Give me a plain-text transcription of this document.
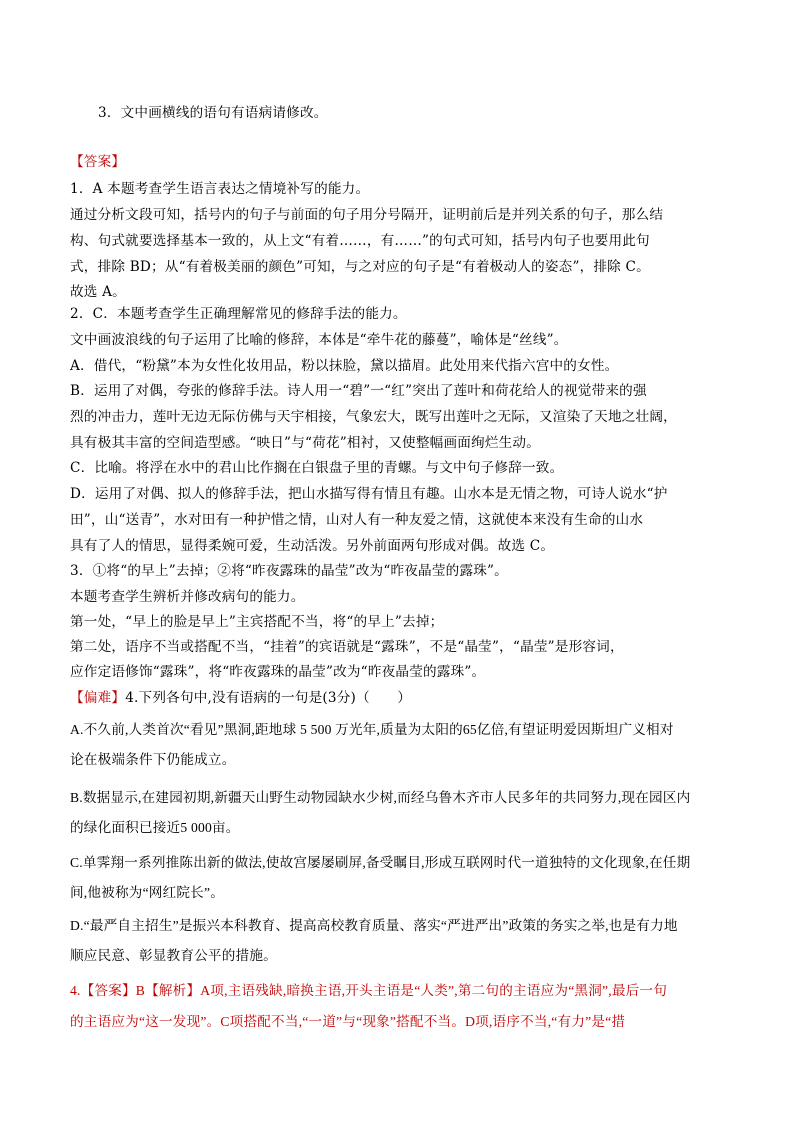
3．文中画横线的语句有语病请修改。
【答案】
1．A 本题考查学生语言表达之情境补写的能力。
通过分析文段可知，括号内的句子与前面的句子用分号隔开，证明前后是并列关系的句子，那么结
构、句式就要选择基本一致的，从上文“有着……，有……”的句式可知，括号内句子也要用此句
式，排除 BD；从“有着极美丽的颜色”可知，与之对应的句子是“有着极动人的姿态”，排除 C。
故选 A。
2．C．本题考查学生正确理解常见的修辞手法的能力。
文中画波浪线的句子运用了比喻的修辞，本体是“牵牛花的藤蔓”，喻体是“丝线”。
A．借代，“粉黛”本为女性化妆用品，粉以抹脸，黛以描眉。此处用来代指六宫中的女性。
B．运用了对偶，夸张的修辞手法。诗人用一“碧”一“红”突出了莲叶和荷花给人的视觉带来的强
烈的冲击力，莲叶无边无际仿佛与天宇相接，气象宏大，既写出莲叶之无际，又渲染了天地之壮阔，
具有极其丰富的空间造型感。“映日”与“荷花”相衬，又使整幅画面绚烂生动。
C．比喻。将浮在水中的君山比作搁在白银盘子里的青螺。与文中句子修辞一致。
D．运用了对偶、拟人的修辞手法，把山水描写得有情且有趣。山水本是无情之物，可诗人说水“护
田”，山“送青”，水对田有一种护惜之情，山对人有一种友爱之情，这就使本来没有生命的山水
具有了人的情思，显得柔婉可爱，生动活泼。另外前面两句形成对偶。故选 C。
3．①将“的早上”去掉；②将“昨夜露珠的晶莹”改为“昨夜晶莹的露珠”。
本题考查学生辨析并修改病句的能力。
第一处，“早上的脸是早上”主宾搭配不当，将“的早上”去掉；
第二处，语序不当或搭配不当，“挂着”的宾语就是“露珠”，不是“晶莹”，“晶莹”是形容词，
应作定语修饰“露珠”，将“昨夜露珠的晶莹”改为“昨夜晶莹的露珠”。
【偏难】4.下列各句中,没有语病的一句是(3分)（　　）
A.不久前,人类首次“看见”黑洞,距地球 5 500 万光年,质量为太阳的65亿倍,有望证明爱因斯坦广义相对
论在极端条件下仍能成立。
B.数据显示,在建园初期,新疆天山野生动物园缺水少树,而经乌鲁木齐市人民多年的共同努力,现在园区内
的绿化面积已接近5 000亩。
C.单霁翔一系列推陈出新的做法,使故宫屡屡刷屏,备受瞩目,形成互联网时代一道独特的文化现象,在任期
间,他被称为“网红院长”。
D.“最严自主招生”是振兴本科教育、提高高校教育质量、落实“严进严出”政策的务实之举,也是有力地
顺应民意、彰显教育公平的措施。
4.【答案】B【解析】A项,主语残缺,暗换主语,开头主语是“人类”,第二句的主语应为“黑洞”,最后一句
的主语应为“这一发现”。C项搭配不当,“一道”与“现象”搭配不当。D项,语序不当,“有力”是“措
